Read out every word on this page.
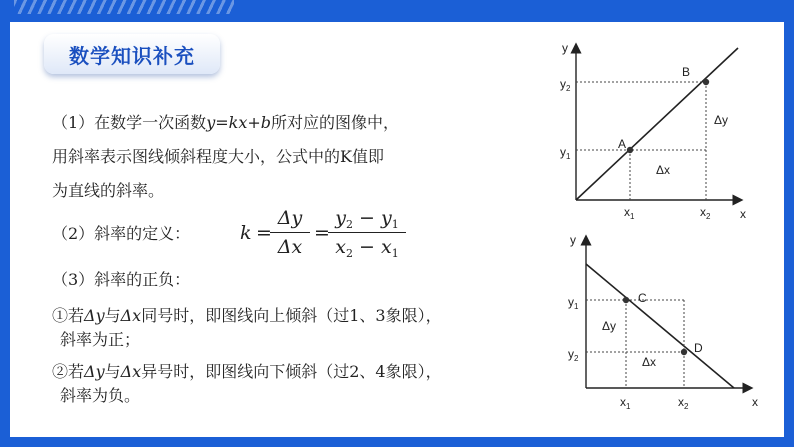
数学知识补充
（1）在数学一次函数y=kx+b所对应的图像中，
用斜率表示图线倾斜程度大小，公式中的K值即
为直线的斜率。
（2）斜率的定义：
（3）斜率的正负：
①若Δy与Δx同号时，即图线向上倾斜（过1、3象限），
斜率为正；
②若Δy与Δx异号时，即图线向下倾斜（过2、4象限），
斜率为负。
k =
Δy
Δx
=
$y_2 - y_1$
$x_2 - x_1$
y
x
$y_2$
$y_1$
$x_1$	$x_2$
A
B
Δx
Δy
y
x
$y_1$
$y_2$
$x_1$	$x_2$
C
D
Δx
Δy
